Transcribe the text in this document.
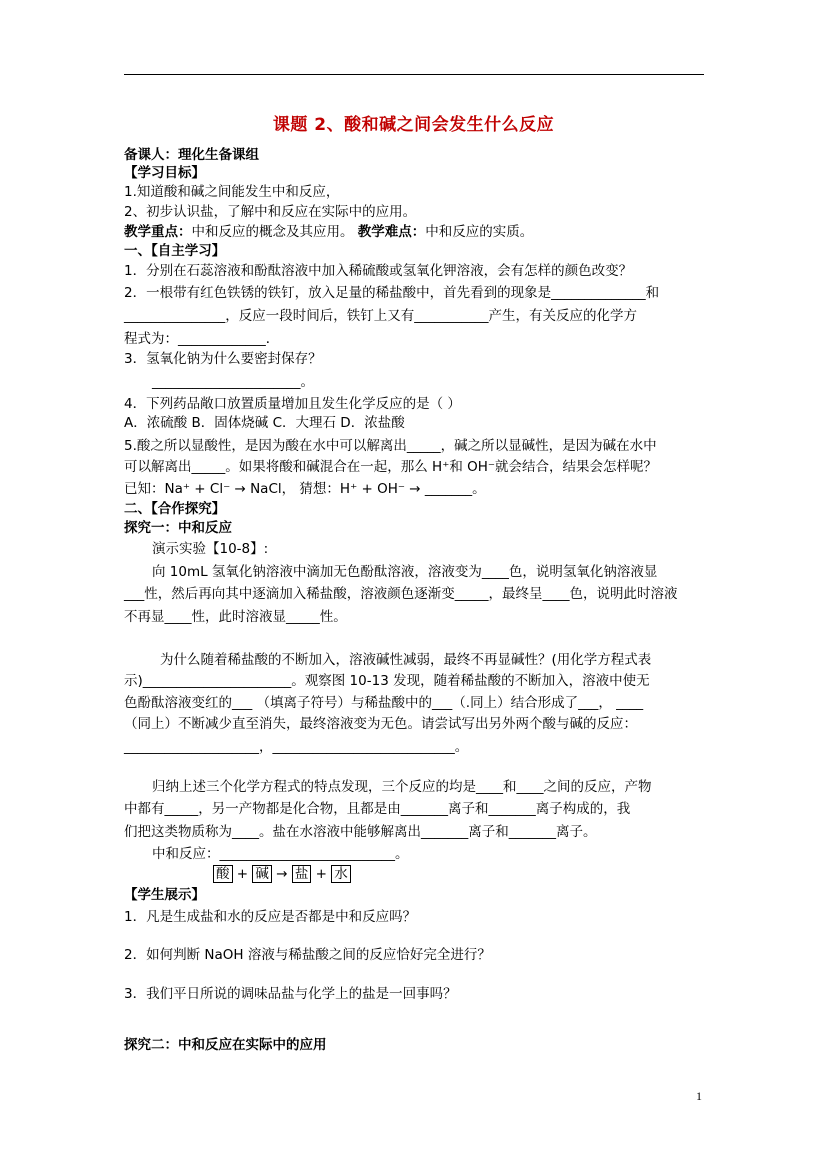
课题 2、酸和碱之间会发生什么反应
备课人：理化生备课组
【学习目标】
1.知道酸和碱之间能发生中和反应，
2、初步认识盐，了解中和反应在实际中的应用。
教学重点：中和反应的概念及其应用。 教学难点：中和反应的实质。
一、【自主学习】
1．分别在石蕊溶液和酚酞溶液中加入稀硫酸或氢氧化钾溶液，会有怎样的颜色改变？
2．一根带有红色铁锈的铁钉，放入足量的稀盐酸中，首先看到的现象是______________和
_______________，反应一段时间后，铁钉上又有___________产生，有关反应的化学方
程式为：_____________．
3．氢氧化钠为什么要密封保存？
______________________。
4．下列药品敞口放置质量增加且发生化学反应的是（ ）
A．浓硫酸 B．固体烧碱 C．大理石 D．浓盐酸
5.酸之所以显酸性，是因为酸在水中可以解离出_____，碱之所以显碱性，是因为碱在水中
可以解离出_____。如果将酸和碱混合在一起，那么 H⁺和 OH⁻就会结合，结果会怎样呢？
已知：Na⁺ + Cl⁻ → NaCl， 猜想：H⁺ + OH⁻ → _______。
二、【合作探究】
探究一：中和反应
演示实验【10-8】:
向 10mL 氢氧化钠溶液中滴加无色酚酞溶液，溶液变为____色，说明氢氧化钠溶液显
___性，然后再向其中逐滴加入稀盐酸，溶液颜色逐渐变_____，最终呈____色，说明此时溶液
不再显____性，此时溶液显_____性。
为什么随着稀盐酸的不断加入，溶液碱性减弱，最终不再显碱性？(用化学方程式表
示)______________________。观察图 10-13 发现，随着稀盐酸的不断加入，溶液中使无
色酚酞溶液变红的___ （填离子符号）与稀盐酸中的___（.同上）结合形成了___， ____
（同上）不断减少直至消失，最终溶液变为无色。请尝试写出另外两个酸与碱的反应：
____________________，___________________________。
归纳上述三个化学方程式的特点发现，三个反应的均是____和____之间的反应，产物
中都有_____，另一产物都是化合物，且都是由_______离子和_______离子构成的，我
们把这类物质称为____。盐在水溶液中能够解离出_______离子和_______离子。
中和反应：__________________________。
酸 + 碱 → 盐 + 水
【学生展示】
1．凡是生成盐和水的反应是否都是中和反应吗？
2．如何判断 NaOH 溶液与稀盐酸之间的反应恰好完全进行？
3．我们平日所说的调味品盐与化学上的盐是一回事吗？
探究二：中和反应在实际中的应用
1
